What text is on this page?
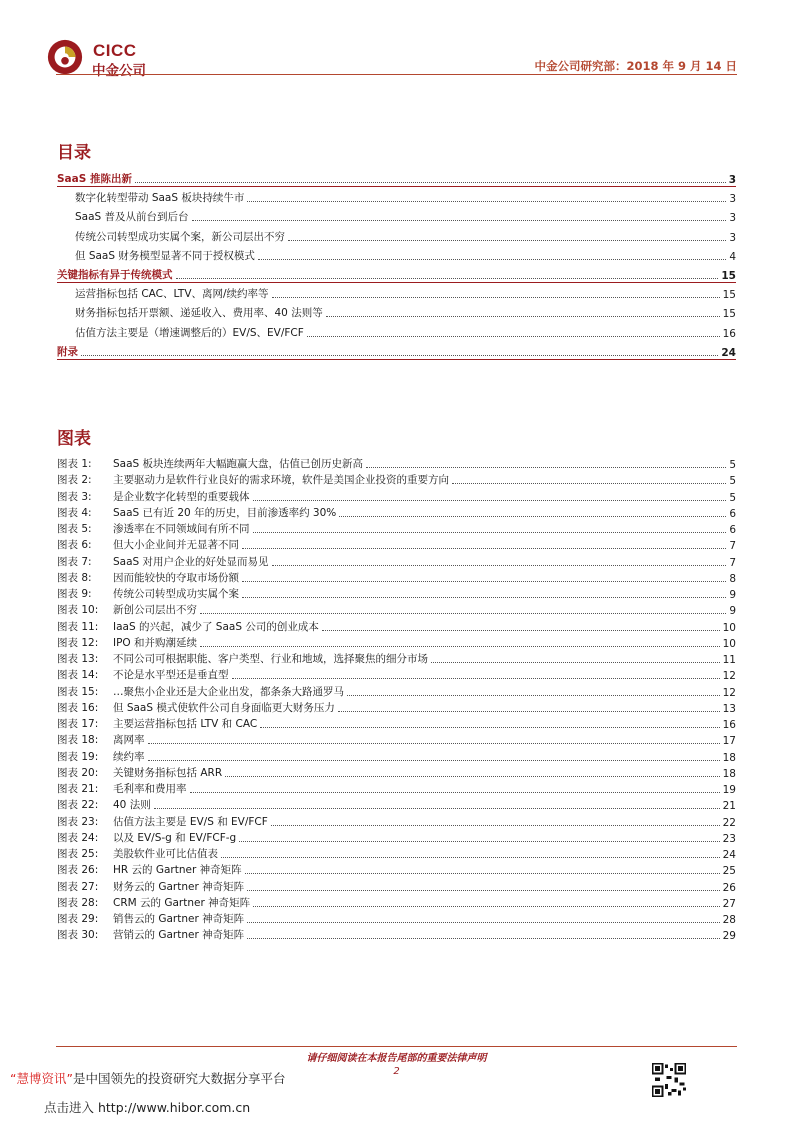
CICC
中金公司	中金公司研究部：2018 年 9 月 14 日
目录
SaaS 推陈出新	3
数字化转型带动 SaaS 板块持续牛市	3
SaaS 普及从前台到后台	3
传统公司转型成功实属个案，新公司层出不穷	3
但 SaaS 财务模型显著不同于授权模式	4
关键指标有异于传统模式	15
运营指标包括 CAC、LTV、离网/续约率等	15
财务指标包括开票额、递延收入、费用率、40 法则等	15
估值方法主要是（增速调整后的）EV/S、EV/FCF	16
附录	24
图表
图表 1:	SaaS 板块连续两年大幅跑赢大盘，估值已创历史新高	5
图表 2:	主要驱动力是软件行业良好的需求环境，软件是美国企业投资的重要方向	5
图表 3:	是企业数字化转型的重要载体	5
图表 4:	SaaS 已有近 20 年的历史，目前渗透率约 30%	6
图表 5:	渗透率在不同领域间有所不同	6
图表 6:	但大小企业间并无显著不同	7
图表 7:	SaaS 对用户企业的好处显而易见	7
图表 8:	因而能较快的夺取市场份额	8
图表 9:	传统公司转型成功实属个案	9
图表 10:	新创公司层出不穷	9
图表 11:	IaaS 的兴起，减少了 SaaS 公司的创业成本	10
图表 12:	IPO 和并购潮延续	10
图表 13:	不同公司可根据职能、客户类型、行业和地域，选择聚焦的细分市场	11
图表 14:	不论是水平型还是垂直型	12
图表 15:	…聚焦小企业还是大企业出发，都条条大路通罗马	12
图表 16:	但 SaaS 模式使软件公司自身面临更大财务压力	13
图表 17:	主要运营指标包括 LTV 和 CAC	16
图表 18:	离网率	17
图表 19:	续约率	18
图表 20:	关键财务指标包括 ARR	18
图表 21:	毛利率和费用率	19
图表 22:	40 法则	21
图表 23:	估值方法主要是 EV/S 和 EV/FCF	22
图表 24:	以及 EV/S-g 和 EV/FCF-g	23
图表 25:	美股软件业可比估值表	24
图表 26:	HR 云的 Gartner 神奇矩阵	25
图表 27:	财务云的 Gartner 神奇矩阵	26
图表 28:	CRM 云的 Gartner 神奇矩阵	27
图表 29:	销售云的 Gartner 神奇矩阵	28
图表 30:	营销云的 Gartner 神奇矩阵	29
请仔细阅读在本报告尾部的重要法律声明
2
“慧博资讯”是中国领先的投资研究大数据分享平台
点击进入 http://www.hibor.com.cn
